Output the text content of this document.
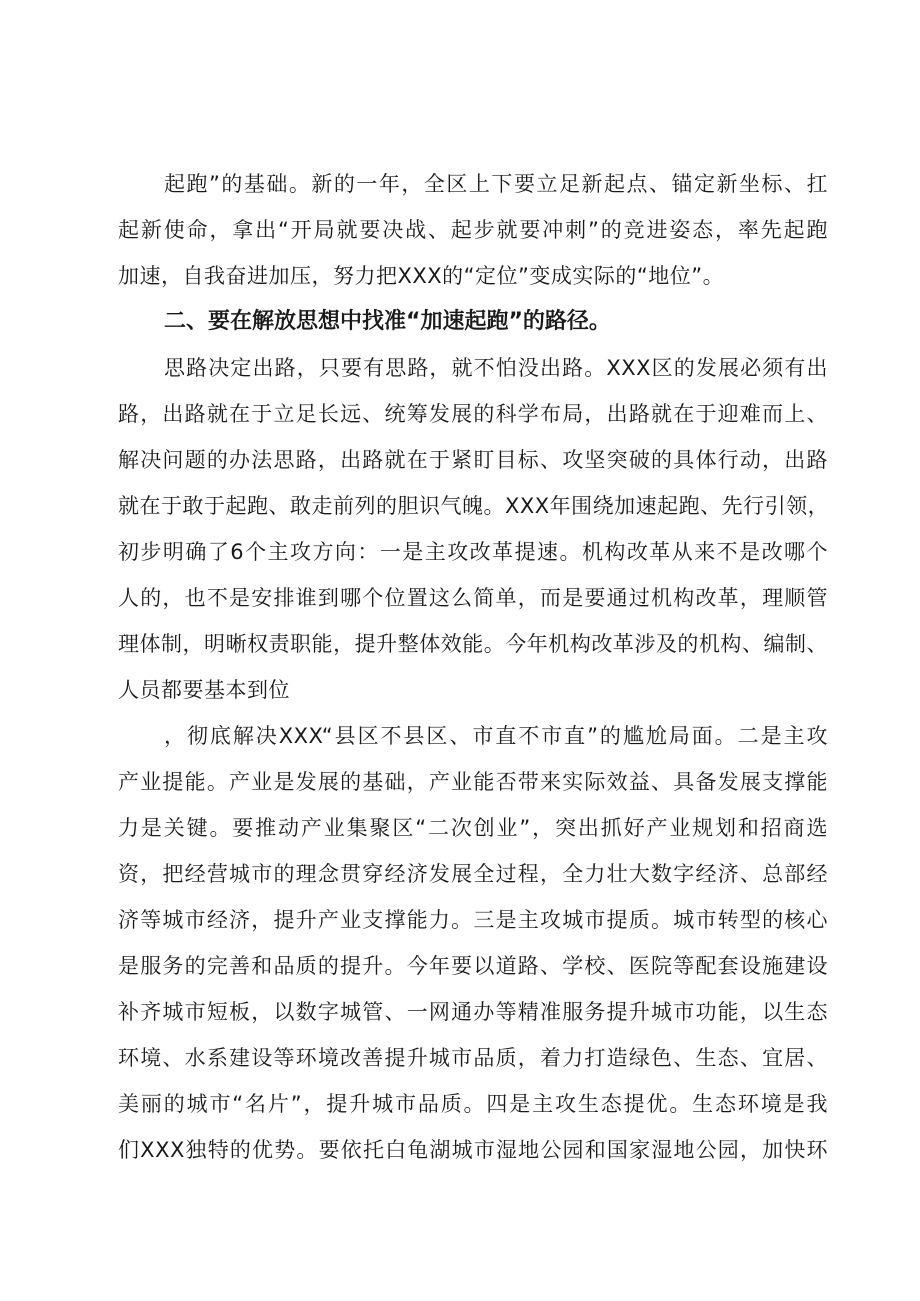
起跑”的基础。新的一年，全区上下要立足新起点、锚定新坐标、扛
起新使命，拿出“开局就要决战、起步就要冲刺”的竞进姿态，率先起跑
加速，自我奋进加压，努力把XXX的“定位”变成实际的“地位”。
二、要在解放思想中找准“加速起跑”的路径。
思路决定出路，只要有思路，就不怕没出路。XXX区的发展必须有出
路，出路就在于立足长远、统筹发展的科学布局，出路就在于迎难而上、
解决问题的办法思路，出路就在于紧盯目标、攻坚突破的具体行动，出路
就在于敢于起跑、敢走前列的胆识气魄。XXX年围绕加速起跑、先行引领，
初步明确了6个主攻方向：一是主攻改革提速。机构改革从来不是改哪个
人的，也不是安排谁到哪个位置这么简单，而是要通过机构改革，理顺管
理体制，明晰权责职能，提升整体效能。今年机构改革涉及的机构、编制、
人员都要基本到位
，彻底解决XXX“县区不县区、市直不市直”的尴尬局面。二是主攻
产业提能。产业是发展的基础，产业能否带来实际效益、具备发展支撑能
力是关键。要推动产业集聚区“二次创业”，突出抓好产业规划和招商选
资，把经营城市的理念贯穿经济发展全过程，全力壮大数字经济、总部经
济等城市经济，提升产业支撑能力。三是主攻城市提质。城市转型的核心
是服务的完善和品质的提升。今年要以道路、学校、医院等配套设施建设
补齐城市短板，以数字城管、一网通办等精准服务提升城市功能，以生态
环境、水系建设等环境改善提升城市品质，着力打造绿色、生态、宜居、
美丽的城市“名片”，提升城市品质。四是主攻生态提优。生态环境是我
们XXX独特的优势。要依托白龟湖城市湿地公园和国家湿地公园，加快环
